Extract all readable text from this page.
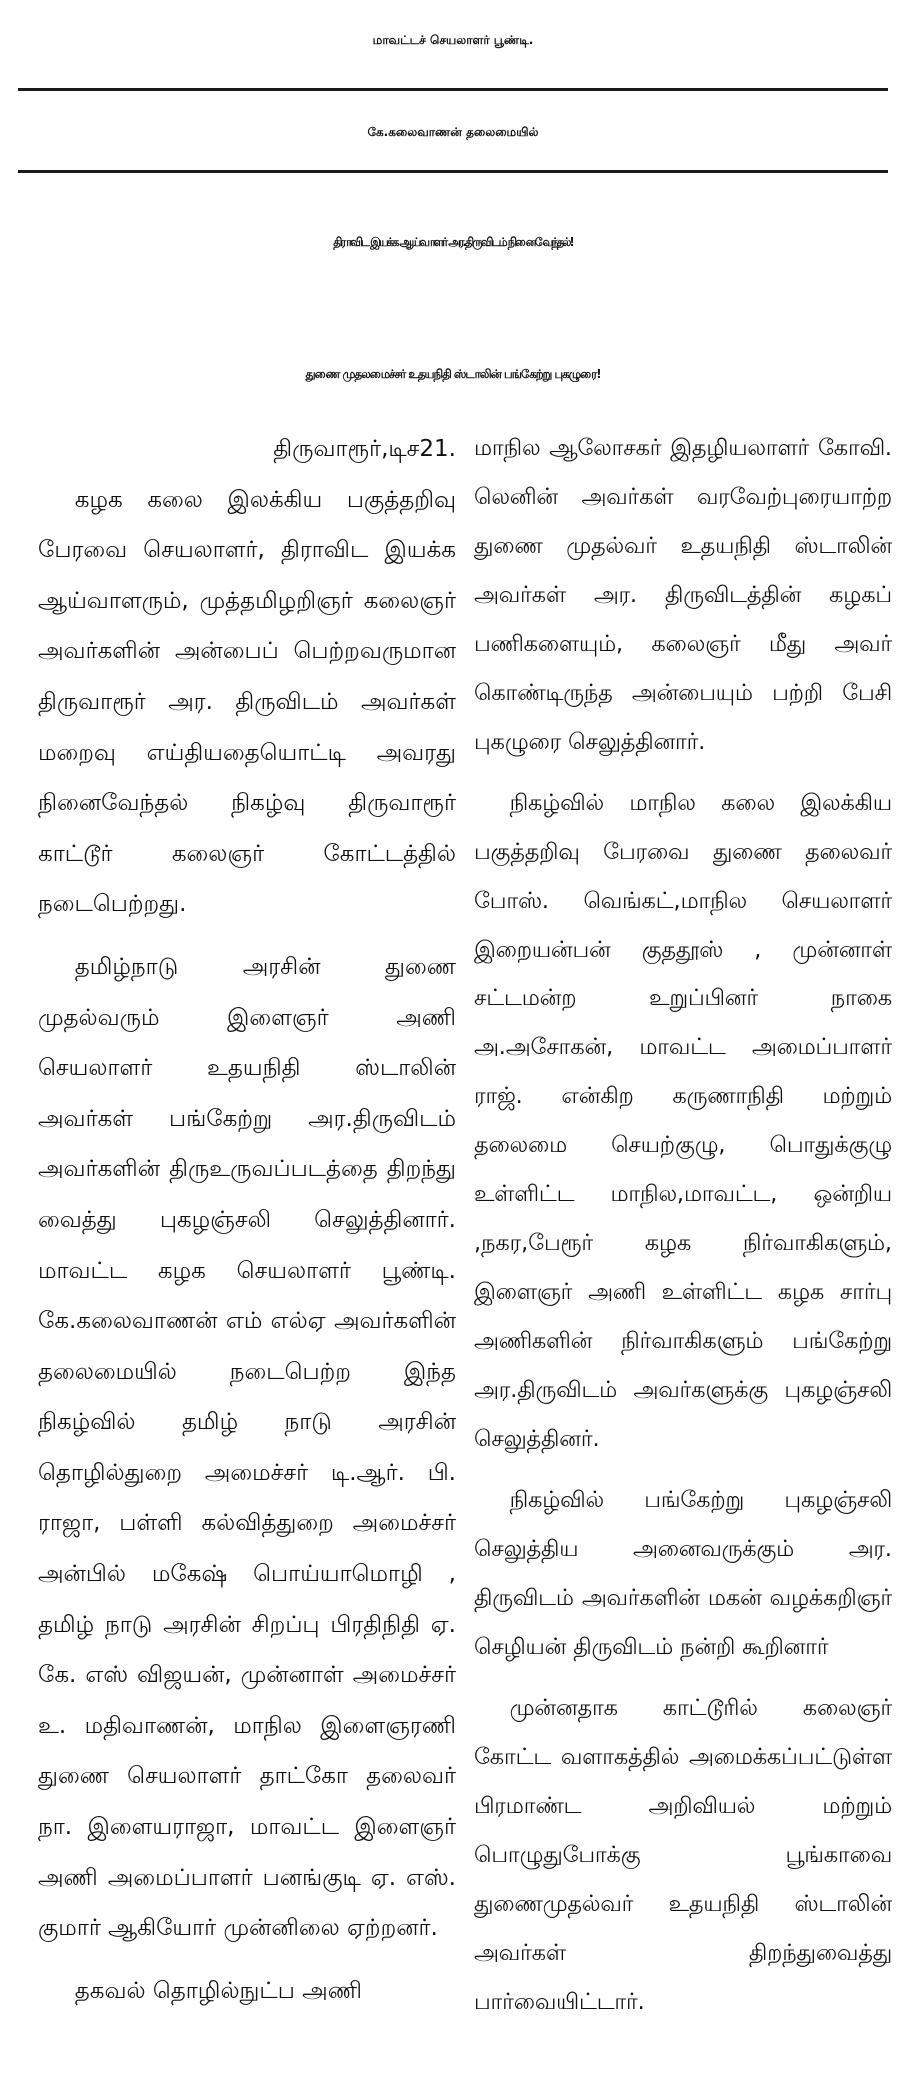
மாவட்டச் செயலாளர் பூண்டி.
கே.கலைவாணன் தலைமையில்
திராவிட இயக்க ஆய்வாளர் அர.திருவிடம் நினைவேந்தல்!
துணை முதலமைச்சர் உதயநிதி ஸ்டாலின் பங்கேற்று புகழுரை!

திருவாரூர்,டிச21.

கழக கலை இலக்கிய பகுத்தறிவு பேரவை செயலாளர், திராவிட இயக்க ஆய்வாளரும், முத்தமிழறிஞர் கலைஞர் அவர்களின் அன்பைப் பெற்றவருமான திருவாரூர் அர. திருவிடம் அவர்கள் மறைவு எய்தியதையொட்டி அவரது நினைவேந்தல் நிகழ்வு திருவாரூர் காட்டூர் கலைஞர் கோட்டத்தில் நடைபெற்றது.

தமிழ்நாடு அரசின் துணை முதல்வரும் இளைஞர் அணி செயலாளர் உதயநிதி ஸ்டாலின் அவர்கள் பங்கேற்று அர.திருவிடம் அவர்களின் திருஉருவப்படத்தை திறந்து வைத்து புகழஞ்சலி செலுத்தினார். மாவட்ட கழக செயலாளர் பூண்டி. கே.கலைவாணன் எம் எல்ஏ அவர்களின் தலைமையில் நடைபெற்ற இந்த நிகழ்வில் தமிழ் நாடு அரசின் தொழில்துறை அமைச்சர் டி.ஆர். பி. ராஜா, பள்ளி கல்வித்துறை அமைச்சர் அன்பில் மகேஷ் பொய்யாமொழி , தமிழ் நாடு அரசின் சிறப்பு பிரதிநிதி ஏ. கே. எஸ் விஜயன், முன்னாள் அமைச்சர் உ. மதிவாணன், மாநில இளைஞரணி துணை செயலாளர் தாட்கோ தலைவர் நா. இளையராஜா, மாவட்ட இளைஞர் அணி அமைப்பாளர் பனங்குடி ஏ. எஸ். குமார் ஆகியோர் முன்னிலை ஏற்றனர்.

தகவல் தொழில்நுட்ப அணி

மாநில ஆலோசகர் இதழியலாளர் கோவி. லெனின் அவர்கள் வரவேற்புரையாற்ற துணை முதல்வர் உதயநிதி ஸ்டாலின் அவர்கள் அர. திருவிடத்தின் கழகப் பணிகளையும், கலைஞர் மீது அவர் கொண்டிருந்த அன்பையும் பற்றி பேசி புகழுரை செலுத்தினார்.

நிகழ்வில் மாநில கலை இலக்கிய பகுத்தறிவு பேரவை துணை தலைவர் போஸ். வெங்கட்,மாநில செயலாளர் இறையன்பன் குததூஸ் , முன்னாள் சட்டமன்ற உறுப்பினர் நாகை அ.அசோகன், மாவட்ட அமைப்பாளர் ராஜ். என்கிற கருணாநிதி மற்றும் தலைமை செயற்குழு, பொதுக்குழு உள்ளிட்ட மாநில,மாவட்ட, ஒன்றிய ,நகர,பேரூர் கழக நிர்வாகிகளும், இளைஞர் அணி உள்ளிட்ட கழக சார்பு அணிகளின் நிர்வாகிகளும் பங்கேற்று அர.திருவிடம் அவர்களுக்கு புகழஞ்சலி செலுத்தினர்.

நிகழ்வில் பங்கேற்று புகழஞ்சலி செலுத்திய அனைவருக்கும் அர. திருவிடம் அவர்களின் மகன் வழக்கறிஞர் செழியன் திருவிடம் நன்றி கூறினார்

முன்னதாக காட்டூரில் கலைஞர் கோட்ட வளாகத்தில் அமைக்கப்பட்டுள்ள பிரமாண்ட அறிவியல் மற்றும் பொழுதுபோக்கு பூங்காவை துணைமுதல்வர் உதயநிதி ஸ்டாலின் அவர்கள் திறந்துவைத்து பார்வையிட்டார்.
